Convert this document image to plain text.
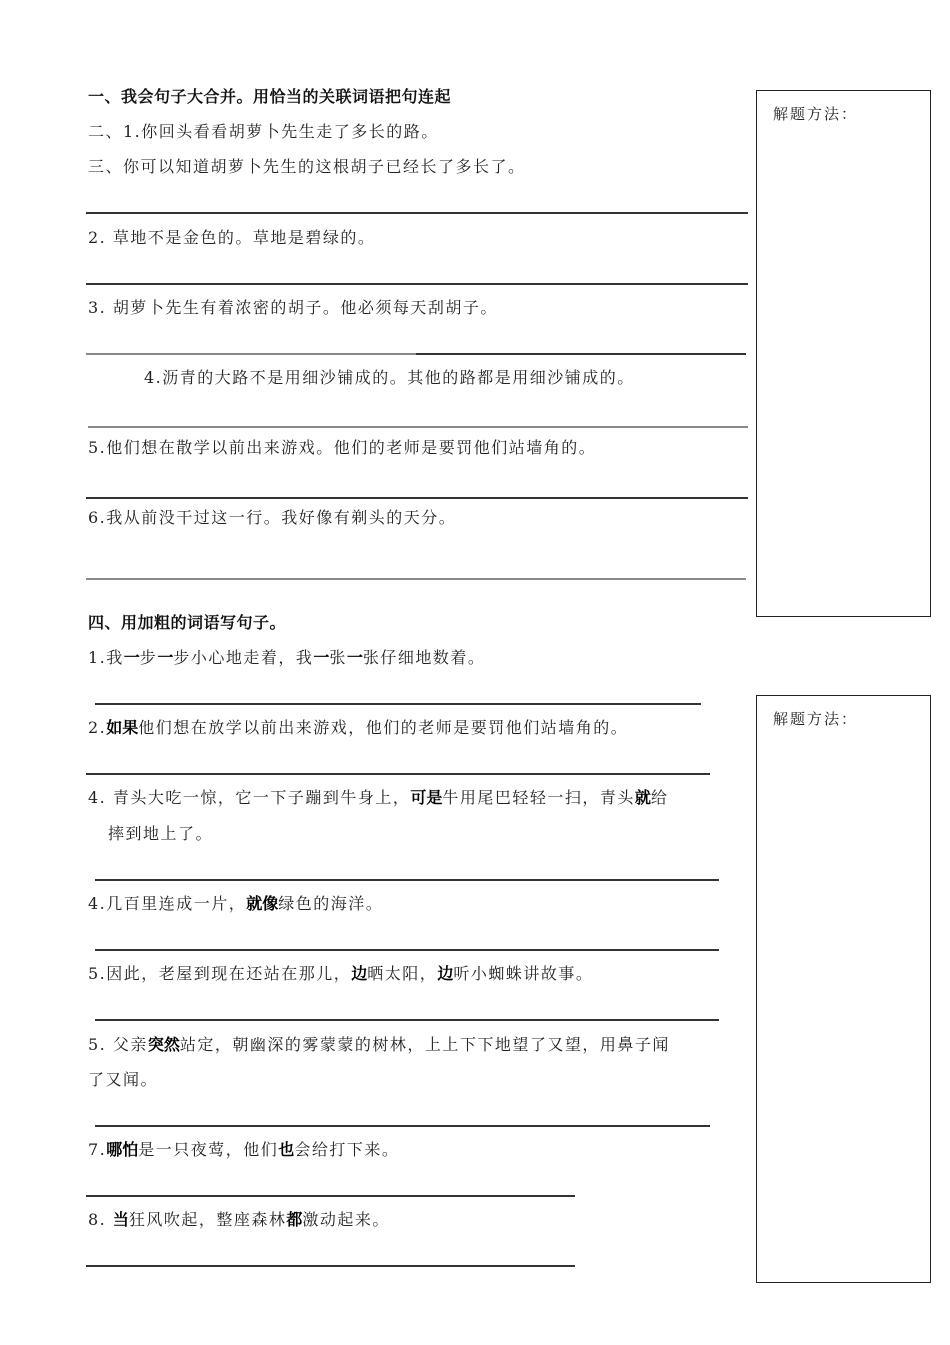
一、我会句子大合并。用恰当的关联词语把句连起
二、1.你回头看看胡萝卜先生走了多长的路。
三、你可以知道胡萝卜先生的这根胡子已经长了多长了。
2. 草地不是金色的。草地是碧绿的。
3. 胡萝卜先生有着浓密的胡子。他必须每天刮胡子。
4.沥青的大路不是用细沙铺成的。其他的路都是用细沙铺成的。
5.他们想在散学以前出来游戏。他们的老师是要罚他们站墙角的。
6.我从前没干过这一行。我好像有剃头的天分。
四、用加粗的词语写句子。
1.我一步一步小心地走着，我一张一张仔细地数着。
2.如果他们想在放学以前出来游戏，他们的老师是要罚他们站墙角的。
4. 青头大吃一惊，它一下子蹦到牛身上，可是牛用尾巴轻轻一扫，青头就给
摔到地上了。
4.几百里连成一片，就像绿色的海洋。
5.因此，老屋到现在还站在那儿，边晒太阳，边听小蜘蛛讲故事。
5. 父亲突然站定，朝幽深的雾蒙蒙的树林，上上下下地望了又望，用鼻子闻
了又闻。
7.哪怕是一只夜莺，他们也会给打下来。
8. 当狂风吹起，整座森林都激动起来。
解题方法：
解题方法：
